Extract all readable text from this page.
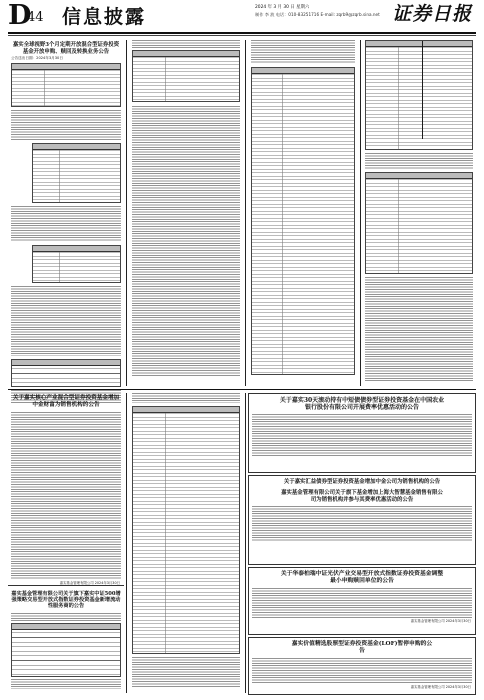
D
44 信息披露	2024 年 3 月 30 日 星期六
制作 李 波 电话：010-83251716 E-mail: zqrb9@zqrb.sina.net 证券日报
嘉实全球视野3个月定期开放混合型证券投资基金开放申购、赎回及转换业务公告
公告送出日期：2024年3月30日
关于嘉实核心产业混合型证券投资基金增加中金财富为销售机构的公告
嘉实基金管理有限公司 2024年3月30日
嘉实基金管理有限公司关于旗下嘉实中证500增强策略交易型开放式指数证券投资基金新增流动性服务商的公告
关于嘉实30天滚动持有中短债债券型证券投资基金在中国农业银行股份有限公司开展费率优惠活动的公告
关于嘉实汇益债券型证券投资基金增加中金公司为销售机构的公告
嘉实基金管理有限公司关于旗下基金增加上海大智慧基金销售有限公司为销售机构并参与其费率优惠活动的公告
关于华泰柏瑞中证光伏产业交易型开放式指数证券投资基金调整最小申购赎回单位的公告
嘉实基金管理有限公司 2024年3月30日
嘉实价值精选股票型证券投资基金(LOF)暂停申购的公告
嘉实基金管理有限公司 2024年3月30日
